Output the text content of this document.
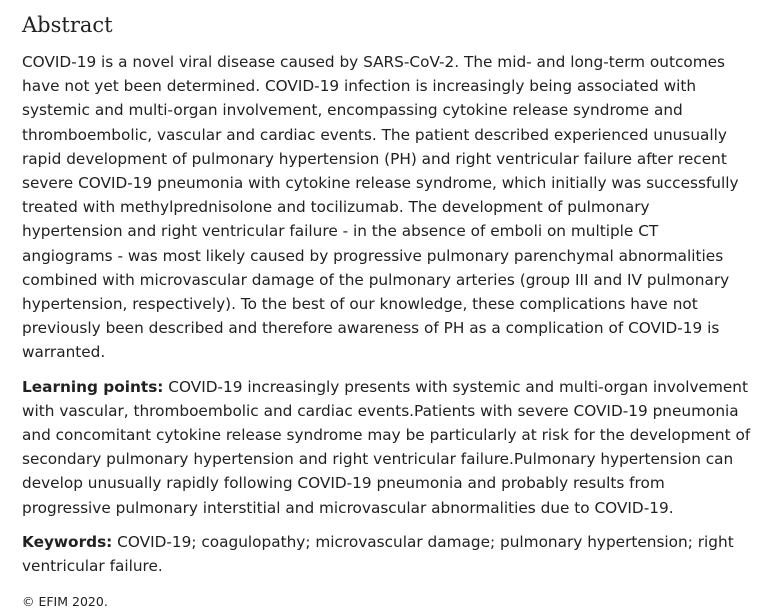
Abstract

COVID-19 is a novel viral disease caused by SARS-CoV-2. The mid- and long-term outcomes have not yet been determined. COVID-19 infection is increasingly being associated with systemic and multi-organ involvement, encompassing cytokine release syndrome and thromboembolic, vascular and cardiac events. The patient described experienced unusually rapid development of pulmonary hypertension (PH) and right ventricular failure after recent severe COVID-19 pneumonia with cytokine release syndrome, which initially was successfully treated with methylprednisolone and tocilizumab. The development of pulmonary hypertension and right ventricular failure - in the absence of emboli on multiple CT angiograms - was most likely caused by progressive pulmonary parenchymal abnormalities combined with microvascular damage of the pulmonary arteries (group III and IV pulmonary hypertension, respectively). To the best of our knowledge, these complications have not previously been described and therefore awareness of PH as a complication of COVID-19 is warranted.

Learning points: COVID-19 increasingly presents with systemic and multi-organ involvement with vascular, thromboembolic and cardiac events.Patients with severe COVID-19 pneumonia and concomitant cytokine release syndrome may be particularly at risk for the development of secondary pulmonary hypertension and right ventricular failure.Pulmonary hypertension can develop unusually rapidly following COVID-19 pneumonia and probably results from progressive pulmonary interstitial and microvascular abnormalities due to COVID-19.

Keywords: COVID-19; coagulopathy; microvascular damage; pulmonary hypertension; right ventricular failure.

© EFIM 2020.
